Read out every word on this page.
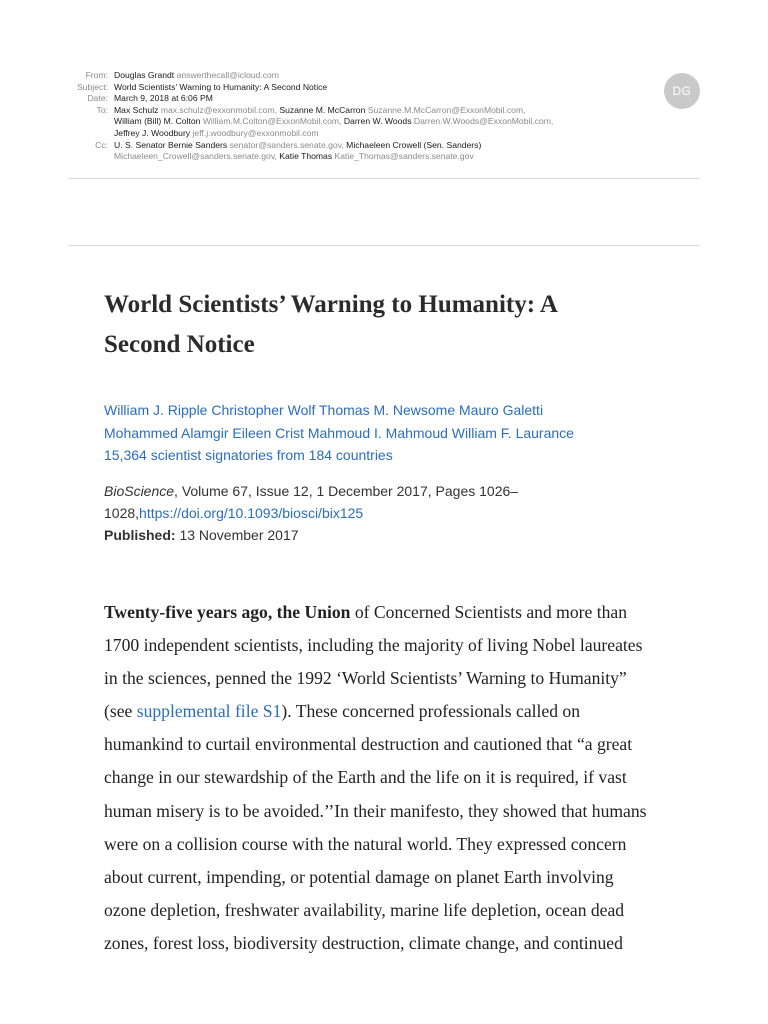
From: Douglas Grandt answerthecall@icloud.com
Subject: World Scientists’ Warning to Humanity: A Second Notice
Date: March 9, 2018 at 6:06 PM
To: Max Schulz max.schulz@exxonmobil.com, Suzanne M. McCarron Suzanne.M.McCarron@ExxonMobil.com,
William (Bill) M. Colton William.M.Colton@ExxonMobil.com, Darren W. Woods Darren.W.Woods@ExxonMobil.com,
Jeffrey J. Woodbury jeff.j.woodbury@exxonmobil.com
Cc: U. S. Senator Bernie Sanders senator@sanders.senate.gov, Michaeleen Crowell (Sen. Sanders)
Michaeleen_Crowell@sanders.senate.gov, Katie Thomas Katie_Thomas@sanders.senate.gov
DG
World Scientists’ Warning to Humanity: A
Second Notice
William J. Ripple Christopher Wolf Thomas M. Newsome Mauro Galetti
Mohammed Alamgir Eileen Crist Mahmoud I. Mahmoud William F. Laurance
15,364 scientist signatories from 184 countries
BioScience, Volume 67, Issue 12, 1 December 2017, Pages 1026–
1028,https://doi.org/10.1093/biosci/bix125
Published: 13 November 2017
Twenty-five years ago, the Union of Concerned Scientists and more than
1700 independent scientists, including the majority of living Nobel laureates
in the sciences, penned the 1992 ‘World Scientists’ Warning to Humanity”
(see supplemental file S1). These concerned professionals called on
humankind to curtail environmental destruction and cautioned that “a great
change in our stewardship of the Earth and the life on it is required, if vast
human misery is to be avoided.’’In their manifesto, they showed that humans
were on a collision course with the natural world. They expressed concern
about current, impending, or potential damage on planet Earth involving
ozone depletion, freshwater availability, marine life depletion, ocean dead
zones, forest loss, biodiversity destruction, climate change, and continued
